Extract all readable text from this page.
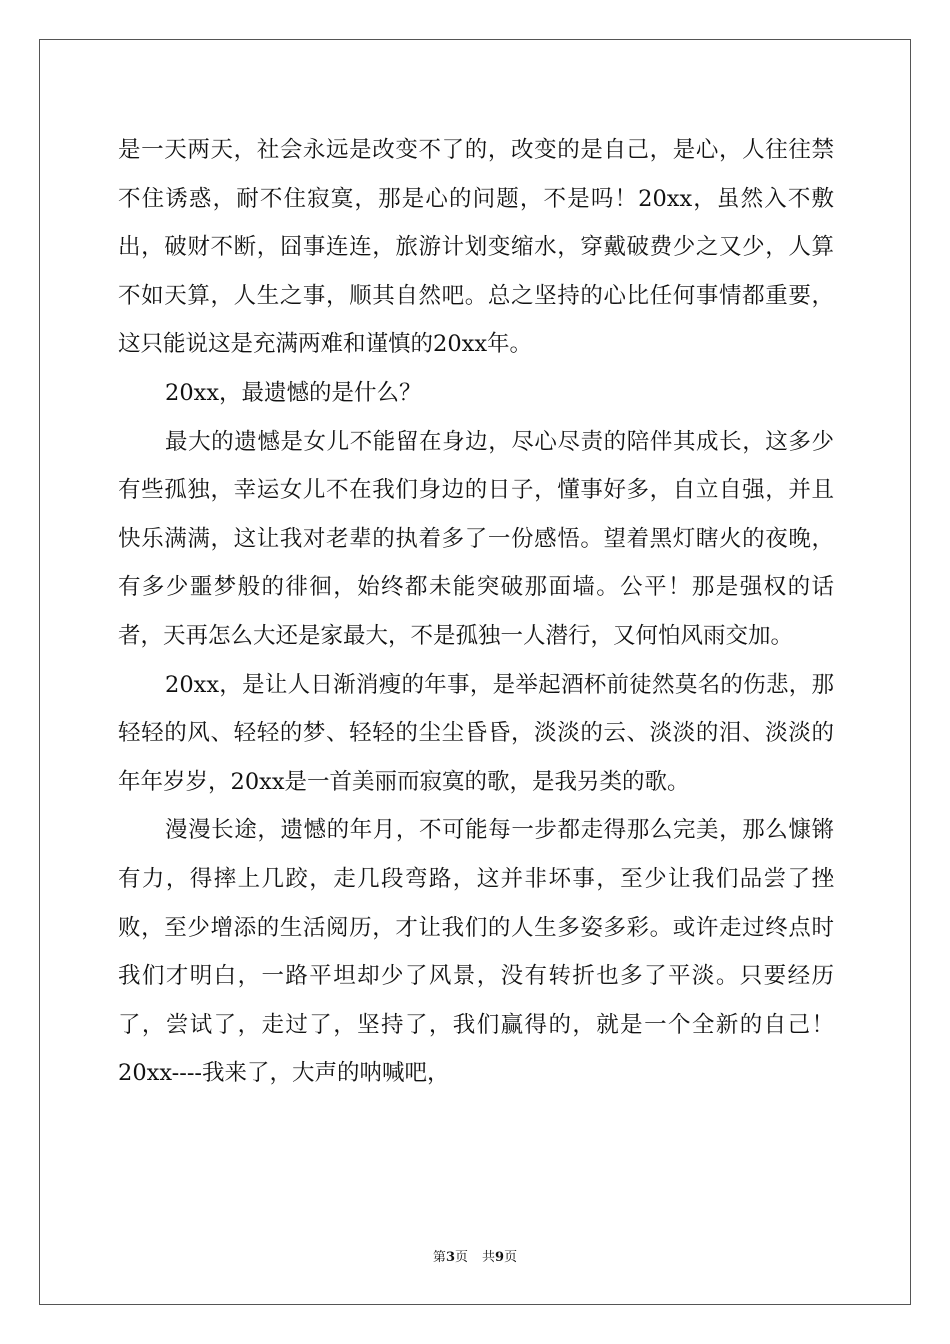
是一天两天，社会永远是改变不了的，改变的是自己，是心，人往往禁不住诱惑，耐不住寂寞，那是心的问题，不是吗！20xx，虽然入不敷出，破财不断，囧事连连，旅游计划变缩水，穿戴破费少之又少，人算不如天算，人生之事，顺其自然吧。总之坚持的心比任何事情都重要，这只能说这是充满两难和谨慎的20xx年。

20xx，最遗憾的是什么？

最大的遗憾是女儿不能留在身边，尽心尽责的陪伴其成长，这多少有些孤独，幸运女儿不在我们身边的日子，懂事好多，自立自强，并且快乐满满，这让我对老辈的执着多了一份感悟。望着黑灯瞎火的夜晚，有多少噩梦般的徘徊，始终都未能突破那面墙。公平！那是强权的话者，天再怎么大还是家最大，不是孤独一人潜行，又何怕风雨交加。

20xx，是让人日渐消瘦的年事，是举起酒杯前徒然莫名的伤悲，那轻轻的风、轻轻的梦、轻轻的尘尘昏昏，淡淡的云、淡淡的泪、淡淡的年年岁岁，20xx是一首美丽而寂寞的歌，是我另类的歌。

漫漫长途，遗憾的年月，不可能每一步都走得那么完美，那么慷锵有力，得摔上几跤，走几段弯路，这并非坏事，至少让我们品尝了挫败，至少增添的生活阅历，才让我们的人生多姿多彩。或许走过终点时我们才明白，一路平坦却少了风景，没有转折也多了平淡。只要经历了，尝试了，走过了，坚持了，我们赢得的，就是一个全新的自己！20xx----我来了，大声的呐喊吧，

第3页 共9页
